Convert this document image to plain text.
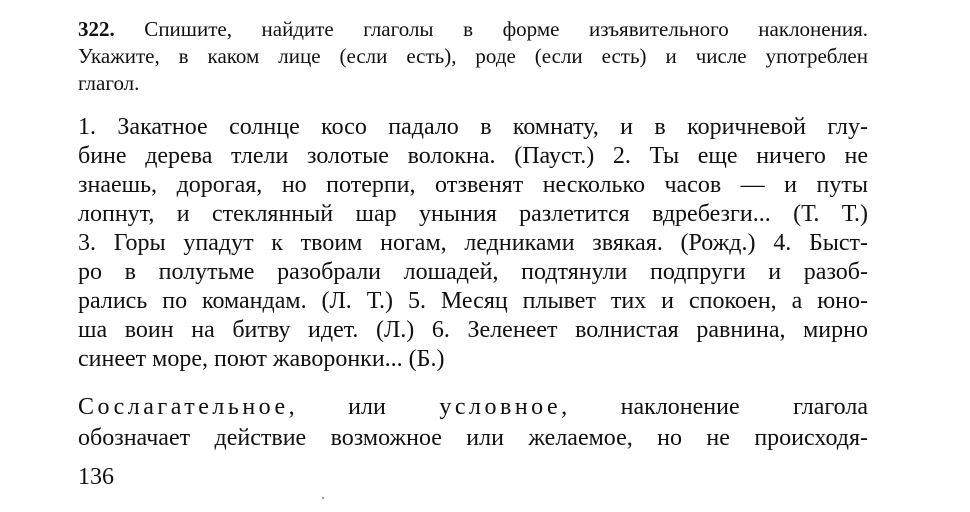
322. Спишите, найдите глаголы в форме изъявительного наклонения.
Укажите, в каком лице (если есть), роде (если есть) и числе употреблен
глагол.
1. Закатное солнце косо падало в комнату, и в коричневой глу-
бине дерева тлели золотые волокна. (Пауст.) 2. Ты еще ничего не
знаешь, дорогая, но потерпи, отзвенят несколько часов — и путы
лопнут, и стеклянный шар уныния разлетится вдребезги... (Т. Т.)
3. Горы упадут к твоим ногам, ледниками звякая. (Рожд.) 4. Быст-
ро в полутьме разобрали лошадей, подтянули подпруги и разоб-
рались по командам. (Л. Т.) 5. Месяц плывет тих и спокоен, а юно-
ша воин на битву идет. (Л.) 6. Зеленеет волнистая равнина, мирно
синеет море, поют жаворонки... (Б.)
Сослагательное, или условное, наклонение глагола
обозначает действие возможное или желаемое, но не происходя-
136
